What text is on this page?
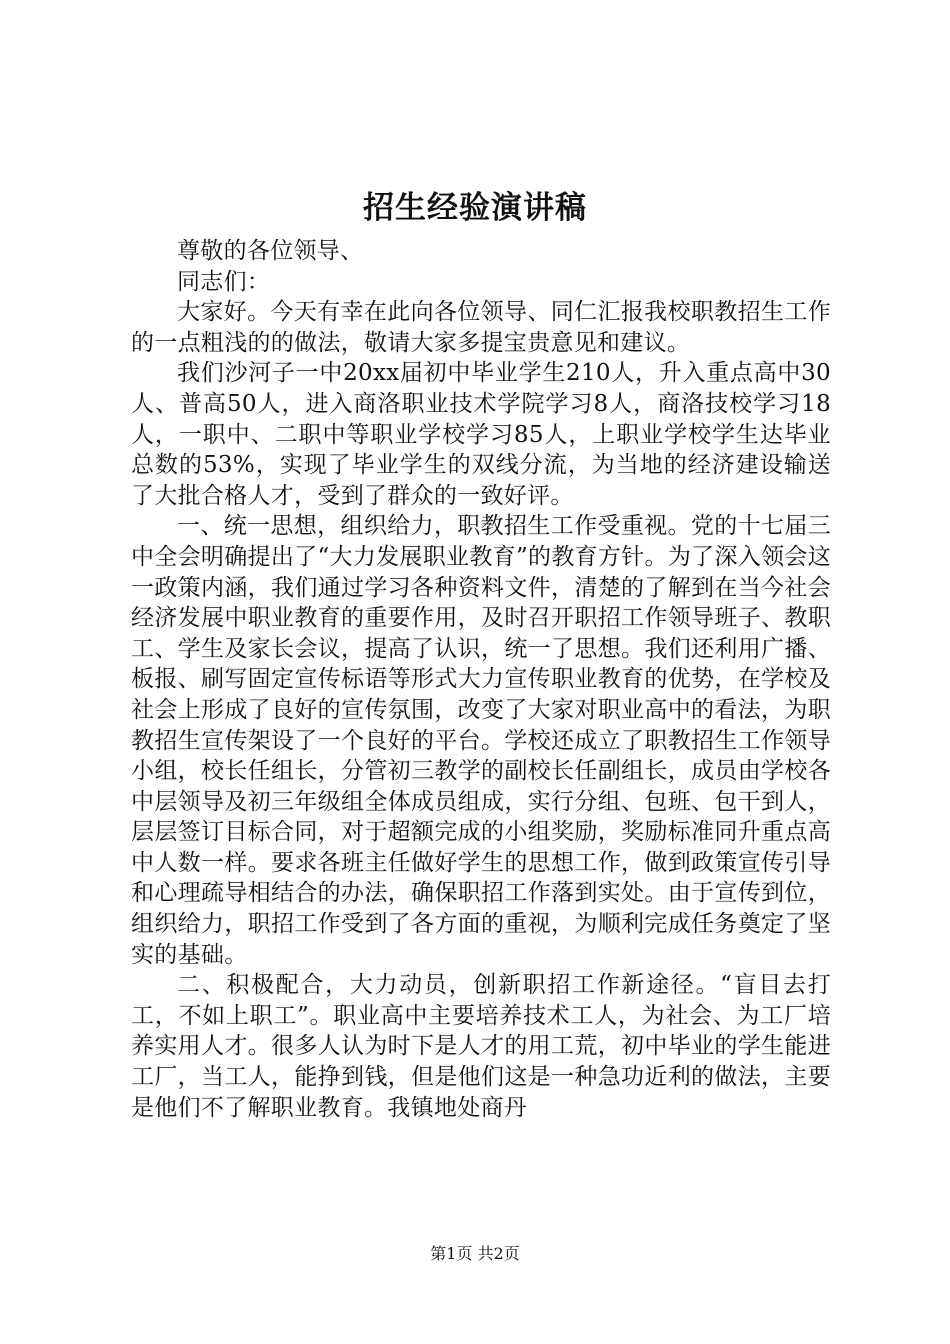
招生经验演讲稿

尊敬的各位领导、

同志们：

大家好。今天有幸在此向各位领导、同仁汇报我校职教招生工作的一点粗浅的的做法，敬请大家多提宝贵意见和建议。

我们沙河子一中20xx届初中毕业学生210人，升入重点高中30人、普高50人，进入商洛职业技术学院学习8人，商洛技校学习18人，一职中、二职中等职业学校学习85人，上职业学校学生达毕业总数的53%，实现了毕业学生的双线分流，为当地的经济建设输送了大批合格人才，受到了群众的一致好评。

一、统一思想，组织给力，职教招生工作受重视。党的十七届三中全会明确提出了“大力发展职业教育”的教育方针。为了深入领会这一政策内涵，我们通过学习各种资料文件，清楚的了解到在当今社会经济发展中职业教育的重要作用，及时召开职招工作领导班子、教职工、学生及家长会议，提高了认识，统一了思想。我们还利用广播、板报、刷写固定宣传标语等形式大力宣传职业教育的优势，在学校及社会上形成了良好的宣传氛围，改变了大家对职业高中的看法，为职教招生宣传架设了一个良好的平台。学校还成立了职教招生工作领导小组，校长任组长，分管初三教学的副校长任副组长，成员由学校各中层领导及初三年级组全体成员组成，实行分组、包班、包干到人，层层签订目标合同，对于超额完成的小组奖励，奖励标准同升重点高中人数一样。要求各班主任做好学生的思想工作，做到政策宣传引导和心理疏导相结合的办法，确保职招工作落到实处。由于宣传到位，组织给力，职招工作受到了各方面的重视，为顺利完成任务奠定了坚实的基础。

二、积极配合，大力动员，创新职招工作新途径。“盲目去打工，不如上职工”。职业高中主要培养技术工人，为社会、为工厂培养实用人才。很多人认为时下是人才的用工荒，初中毕业的学生能进工厂，当工人，能挣到钱，但是他们这是一种急功近利的做法，主要是他们不了解职业教育。我镇地处商丹

第1页 共2页
